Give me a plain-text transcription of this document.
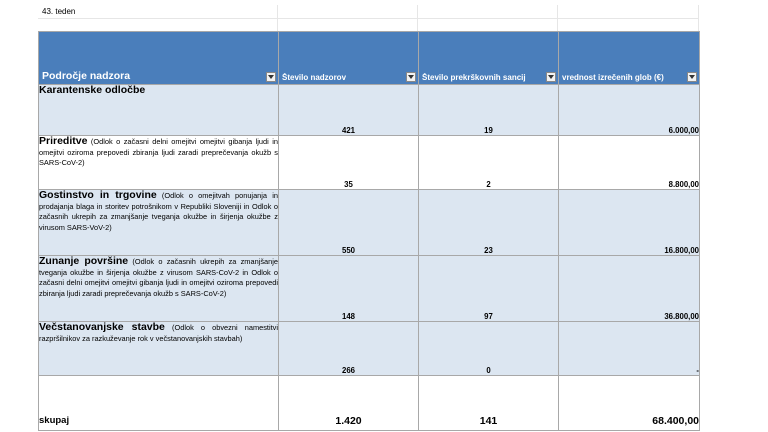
43. teden
Področje nadzora	Število nadzorov	Število prekrškovnih sancij	vrednost izrečenih glob (€)

Karantenske odločbe	421	19	6.000,00
Prireditve (Odlok o začasni delni omejitvi omejitvi gibanja ljudi in omejitvi oziroma prepovedi zbiranja ljudi zaradi preprečevanja okužb s SARS-CoV-2)	35	2	8.800,00
Gostinstvo in trgovine (Odlok o omejitvah ponujanja in prodajanja blaga in storitev potrošnikom v Republiki Sloveniji in Odlok o začasnih ukrepih za zmanjšanje tveganja okužbe in širjenja okužbe z virusom SARS-VoV-2)	550	23	16.800,00
Zunanje površine (Odlok o začasnih ukrepih za zmanjšanje tveganja okužbe in širjenja okužbe z virusom SARS-CoV-2 in Odlok o začasni delni omejitvi omejitvi gibanja ljudi in omejitvi oziroma prepovedi zbiranja ljudi zaradi preprečevanja okužb s SARS-CoV-2)	148	97	36.800,00
Večstanovanjske stavbe (Odlok o obvezni namestitvi razpršilnikov za razkuževanje rok v večstanovanjskih stavbah)	266	0	-
skupaj	1.420	141	68.400,00
